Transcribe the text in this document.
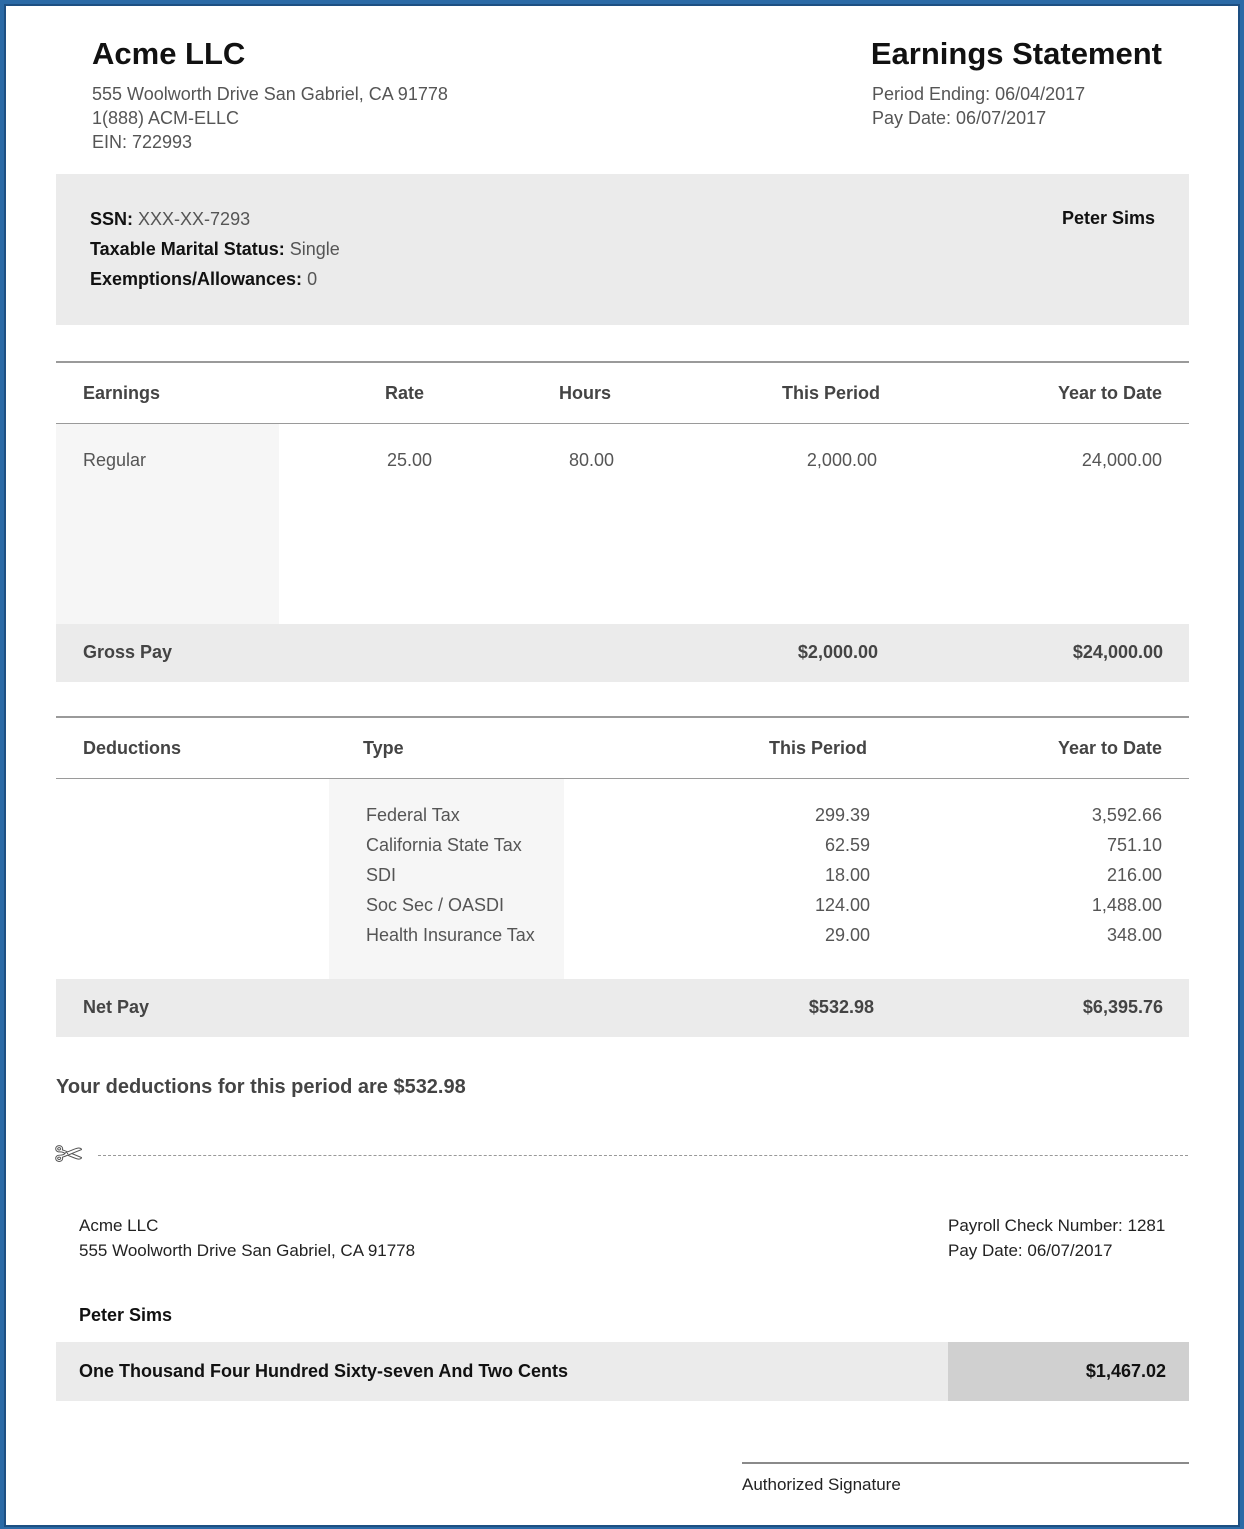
Acme LLC
555 Woolworth Drive San Gabriel, CA 91778
1(888) ACM-ELLC
EIN: 722993
Earnings Statement
Period Ending: 06/04/2017
Pay Date: 06/07/2017
SSN: XXX-XX-7293
Taxable Marital Status: Single
Exemptions/Allowances: 0
Peter Sims
Earnings	Rate	Hours	This Period	Year to Date
Regular	25.00	80.00	2,000.00	24,000.00
Gross Pay	$2,000.00	$24,000.00
Deductions	Type	This Period	Year to Date
Federal Tax	299.39	3,592.66
California State Tax	62.59	751.10
SDI	18.00	216.00
Soc Sec / OASDI	124.00	1,488.00
Health Insurance Tax	29.00	348.00
Net Pay	$532.98	$6,395.76
Your deductions for this period are $532.98
✄
Acme LLC
555 Woolworth Drive San Gabriel, CA 91778
Payroll Check Number: 1281
Pay Date: 06/07/2017
Peter Sims
One Thousand Four Hundred Sixty-seven And Two Cents	$1,467.02
Authorized Signature
